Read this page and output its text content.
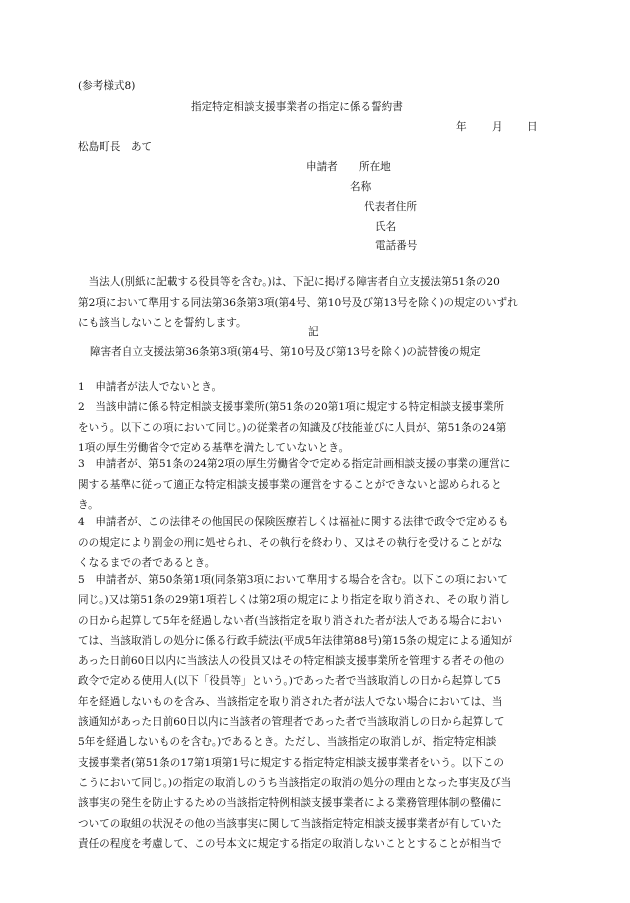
(参考様式8)
指定特定相談支援事業者の指定に係る誓約書
年 月 日
松島町長　あて
申請者 所在地
名称
代表者住所
氏名
電話番号
　当法人(別紙に記載する役員等を含む。)は、下記に掲げる障害者自立支援法第51条の20
第2項において準用する同法第36条第3項(第4号、第10号及び第13号を除く)の規定のいずれ
にも該当しないことを誓約します。
記
障害者自立支援法第36条第3項(第4号、第10号及び第13号を除く)の読替後の規定
1　申請者が法人でないとき。
2　当該申請に係る特定相談支援事業所(第51条の20第1項に規定する特定相談支援事業所
をいう。以下この項において同じ。)の従業者の知識及び技能並びに人員が、第51条の24第
1項の厚生労働省令で定める基準を満たしていないとき。
3　申請者が、第51条の24第2項の厚生労働省令で定める指定計画相談支援の事業の運営に
関する基準に従って適正な特定相談支援事業の運営をすることができないと認められると
き。
4　申請者が、この法律その他国民の保険医療若しくは福祉に関する法律で政令で定めるも
のの規定により罰金の刑に処せられ、その執行を終わり、又はその執行を受けることがな
くなるまでの者であるとき。
5　申請者が、第50条第1項(同条第3項において準用する場合を含む。以下この項において
同じ。)又は第51条の29第1項若しくは第2項の規定により指定を取り消され、その取り消し
の日から起算して5年を経過しない者(当該指定を取り消された者が法人である場合におい
ては、当該取消しの処分に係る行政手続法(平成5年法律第88号)第15条の規定による通知が
あった日前60日以内に当該法人の役員又はその特定相談支援事業所を管理する者その他の
政令で定める使用人(以下「役員等」という。)であった者で当該取消しの日から起算して5
年を経過しないものを含み、当該指定を取り消された者が法人でない場合においては、当
該通知があった日前60日以内に当該者の管理者であった者で当該取消しの日から起算して
5年を経過しないものを含む。)であるとき。ただし、当該指定の取消しが、指定特定相談
支援事業者(第51条の17第1項第1号に規定する指定特定相談支援事業者をいう。以下この
こうにおいて同じ。)の指定の取消しのうち当該指定の取消の処分の理由となった事実及び当
該事実の発生を防止するための当該指定特例相談支援事業者による業務管理体制の整備に
ついての取組の状況その他の当該事実に関して当該指定特定相談支援事業者が有していた
責任の程度を考慮して、この号本文に規定する指定の取消しないこととすることが相当で
